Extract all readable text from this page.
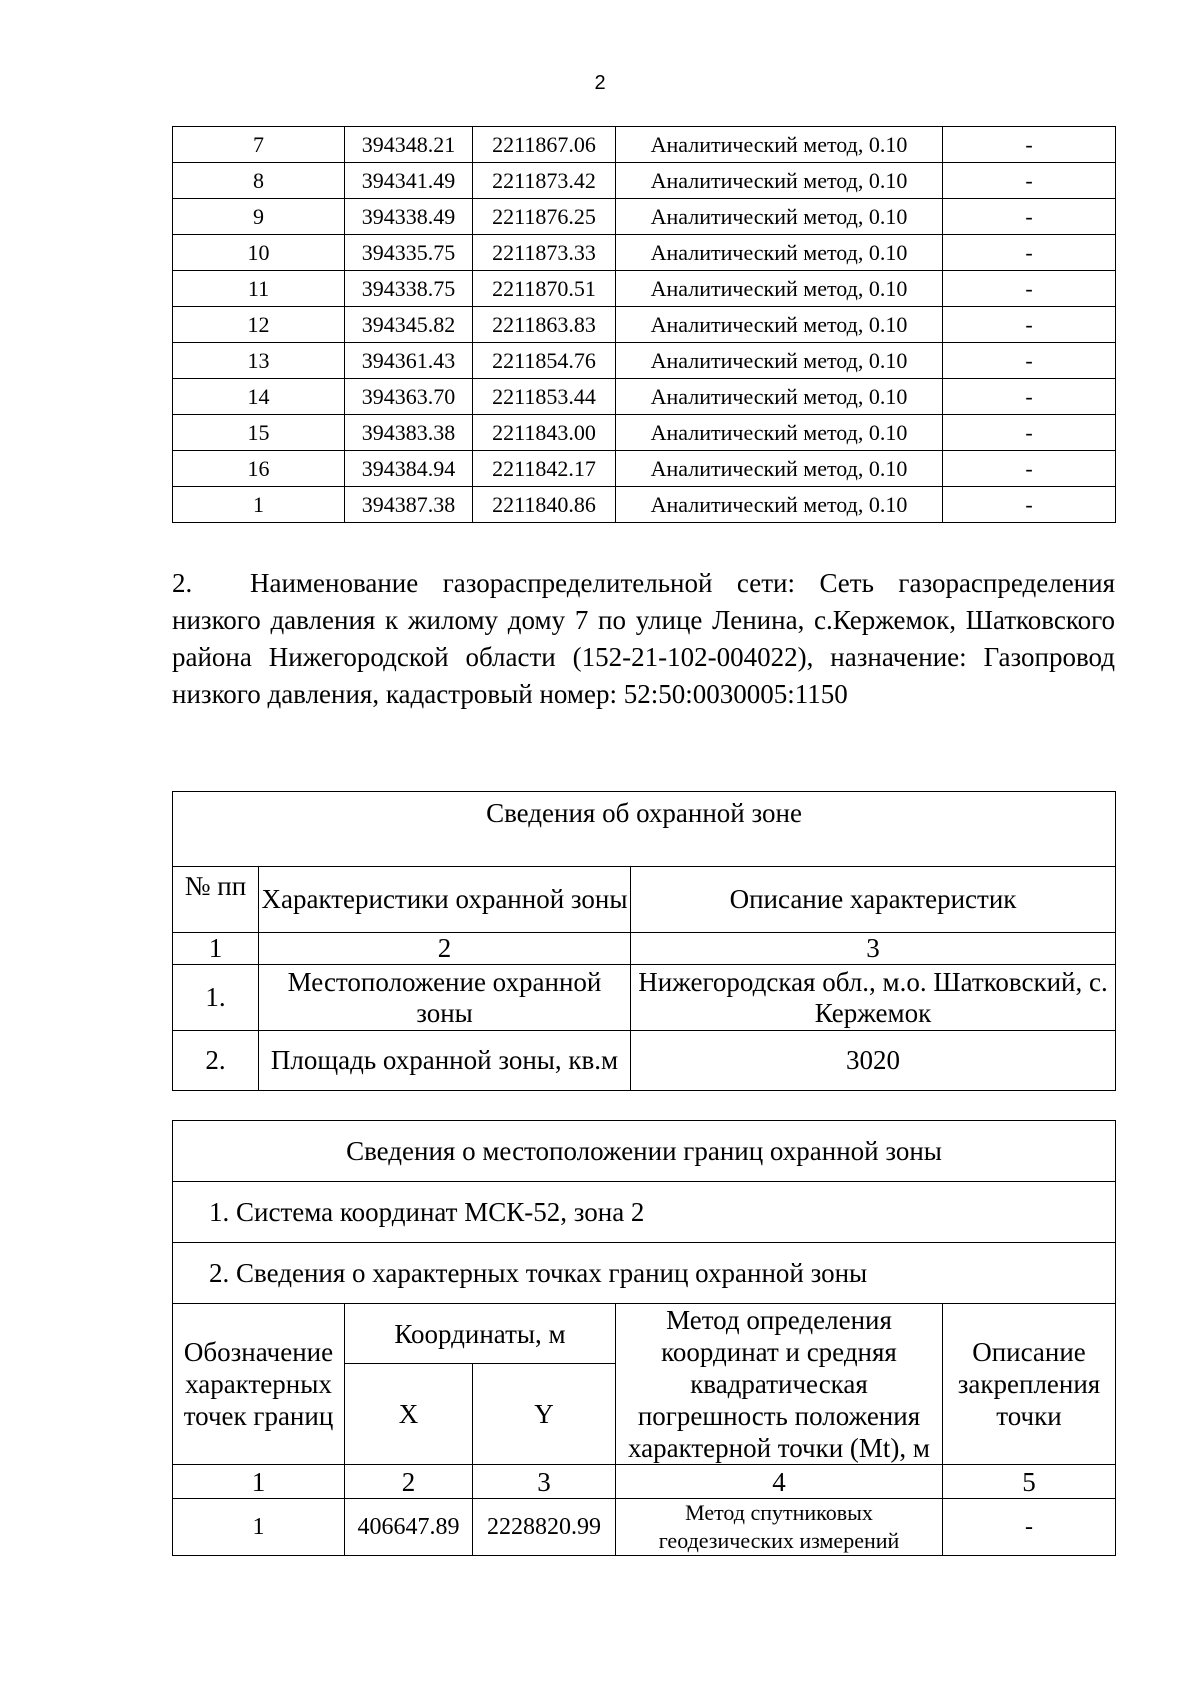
2
7	394348.21	2211867.06	Аналитический метод, 0.10	-
8	394341.49	2211873.42	Аналитический метод, 0.10	-
9	394338.49	2211876.25	Аналитический метод, 0.10	-
10	394335.75	2211873.33	Аналитический метод, 0.10	-
11	394338.75	2211870.51	Аналитический метод, 0.10	-
12	394345.82	2211863.83	Аналитический метод, 0.10	-
13	394361.43	2211854.76	Аналитический метод, 0.10	-
14	394363.70	2211853.44	Аналитический метод, 0.10	-
15	394383.38	2211843.00	Аналитический метод, 0.10	-
16	394384.94	2211842.17	Аналитический метод, 0.10	-
1	394387.38	2211840.86	Аналитический метод, 0.10	-

2. Наименование газораспределительной сети: Сеть газораспределения низкого давления к жилому дому 7 по улице Ленина, с.Кержемок, Шатковского района Нижегородской области (152-21-102-004022), назначение: Газопровод низкого давления, кадастровый номер: 52:50:0030005:1150

Сведения об охранной зоне		
№ пп	Характеристики охранной зоны	Описание характеристик
1	2	3
1.	Местоположение охранной зоны	Нижегородская обл., м.о. Шатковский, с. Кержемок
2.	Площадь охранной зоны, кв.м	3020
Сведения о местоположении границ охранной зоны				
1. Система координат МСК-52, зона 2				
2. Сведения о характерных точках границ охранной зоны				
Обозначение характерных точек границ	Координаты, м		Метод определения координат и средняя квадратическая погрешность положения характерной точки (Mt), м	Описание закрепления точки
	X	Y		
1	2	3	4	5
1	406647.89	2228820.99	Метод спутниковых геодезических измерений	-
